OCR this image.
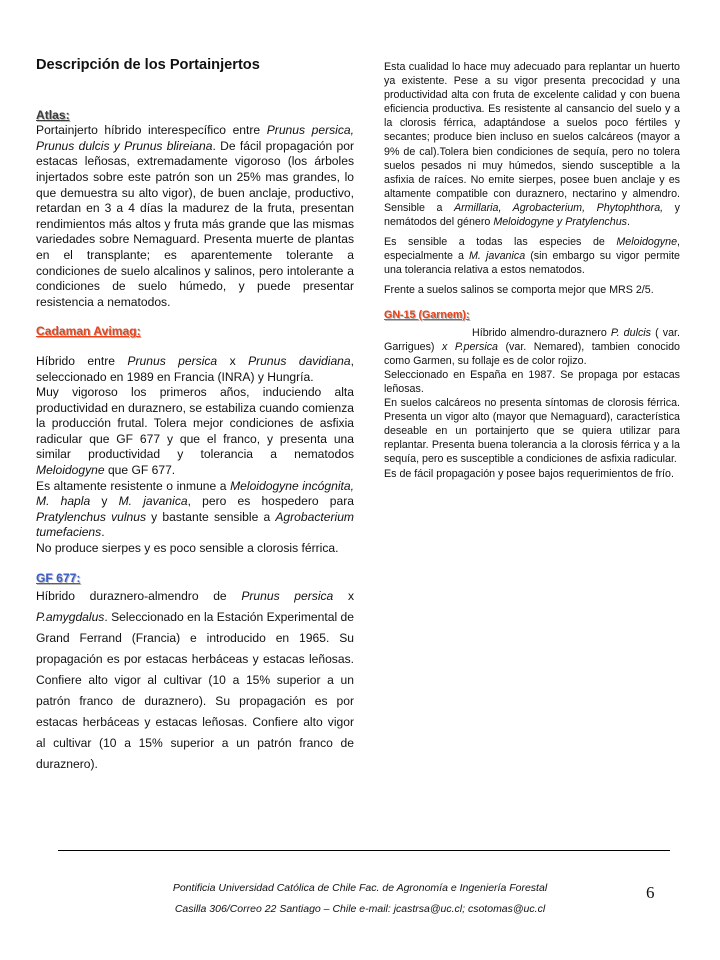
Descripción de los Portainjertos
Atlas:

Portainjerto híbrido interespecífico entre Prunus persica, Prunus dulcis y Prunus blireiana. De fácil propagación por estacas leñosas, extremadamente vigoroso (los árboles injertados sobre este patrón son un 25% mas grandes, lo que demuestra su alto vigor), de buen anclaje, productivo, retardan en 3 a 4 días la madurez de la fruta, presentan rendimientos más altos y fruta más grande que las mismas variedades sobre Nemaguard. Presenta muerte de plantas en el transplante; es aparentemente tolerante a condiciones de suelo alcalinos y salinos, pero intolerante a condiciones de suelo húmedo, y puede presentar resistencia a nematodos.

Cadaman Avimag:

Híbrido entre Prunus persica x Prunus davidiana, seleccionado en 1989 en Francia (INRA) y Hungría.

Muy vigoroso los primeros años, induciendo alta productividad en duraznero, se estabiliza cuando comienza la producción frutal. Tolera mejor condiciones de asfixia radicular que GF 677 y que el franco, y presenta una similar productividad y tolerancia a nematodos Meloidogyne que GF 677.

Es altamente resistente o inmune a Meloidogyne incógnita, M. hapla y M. javanica, pero es hospedero para Pratylenchus vulnus y bastante sensible a Agrobacterium tumefaciens.

No produce sierpes y es poco sensible a clorosis férrica.

GF 677:

Híbrido duraznero-almendro de Prunus persica x P.amygdalus. Seleccionado en la Estación Experimental de Grand Ferrand (Francia) e introducido en 1965. Su propagación es por estacas herbáceas y estacas leñosas. Confiere alto vigor al cultivar (10 a 15% superior a un patrón franco de duraznero). Su propagación es por estacas herbáceas y estacas leñosas. Confiere alto vigor al cultivar (10 a 15% superior a un patrón franco de duraznero).

Esta cualidad lo hace muy adecuado para replantar un huerto ya existente. Pese a su vigor presenta precocidad y una productividad alta con fruta de excelente calidad y con buena eficiencia productiva. Es resistente al cansancio del suelo y a la clorosis férrica, adaptándose a suelos poco fértiles y secantes; produce bien incluso en suelos calcáreos (mayor a 9% de cal).Tolera bien condiciones de sequía, pero no tolera suelos pesados ni muy húmedos, siendo susceptible a la asfixia de raíces. No emite sierpes, posee buen anclaje y es altamente compatible con duraznero, nectarino y almendro. Sensible a Armillaria, Agrobacterium, Phytophthora, y nemátodos del género Meloidogyne y Pratylenchus.

Es sensible a todas las especies de Meloidogyne, especialmente a M. javanica (sin embargo su vigor permite una tolerancia relativa a estos nematodos.

Frente a suelos salinos se comporta mejor que MRS 2/5.

GN-15 (Garnem):

Híbrido almendro-duraznero P. dulcis ( var. Garrigues) x P.persica (var. Nemared), tambien conocido como Garmen, su follaje es de color rojizo.

Seleccionado en España en 1987. Se propaga por estacas leñosas.

En suelos calcáreos no presenta síntomas de clorosis férrica. Presenta un vigor alto (mayor que Nemaguard), característica deseable en un portainjerto que se quiera utilizar para replantar. Presenta buena tolerancia a la clorosis férrica y a la sequía, pero es susceptible a condiciones de asfixia radicular.

Es de fácil propagación y posee bajos requerimientos de frío.

Pontificia Universidad Católica de Chile Fac. de Agronomía e Ingeniería Forestal
Casilla 306/Correo 22 Santiago – Chile e-mail: jcastrsa@uc.cl; csotomas@uc.cl
6
